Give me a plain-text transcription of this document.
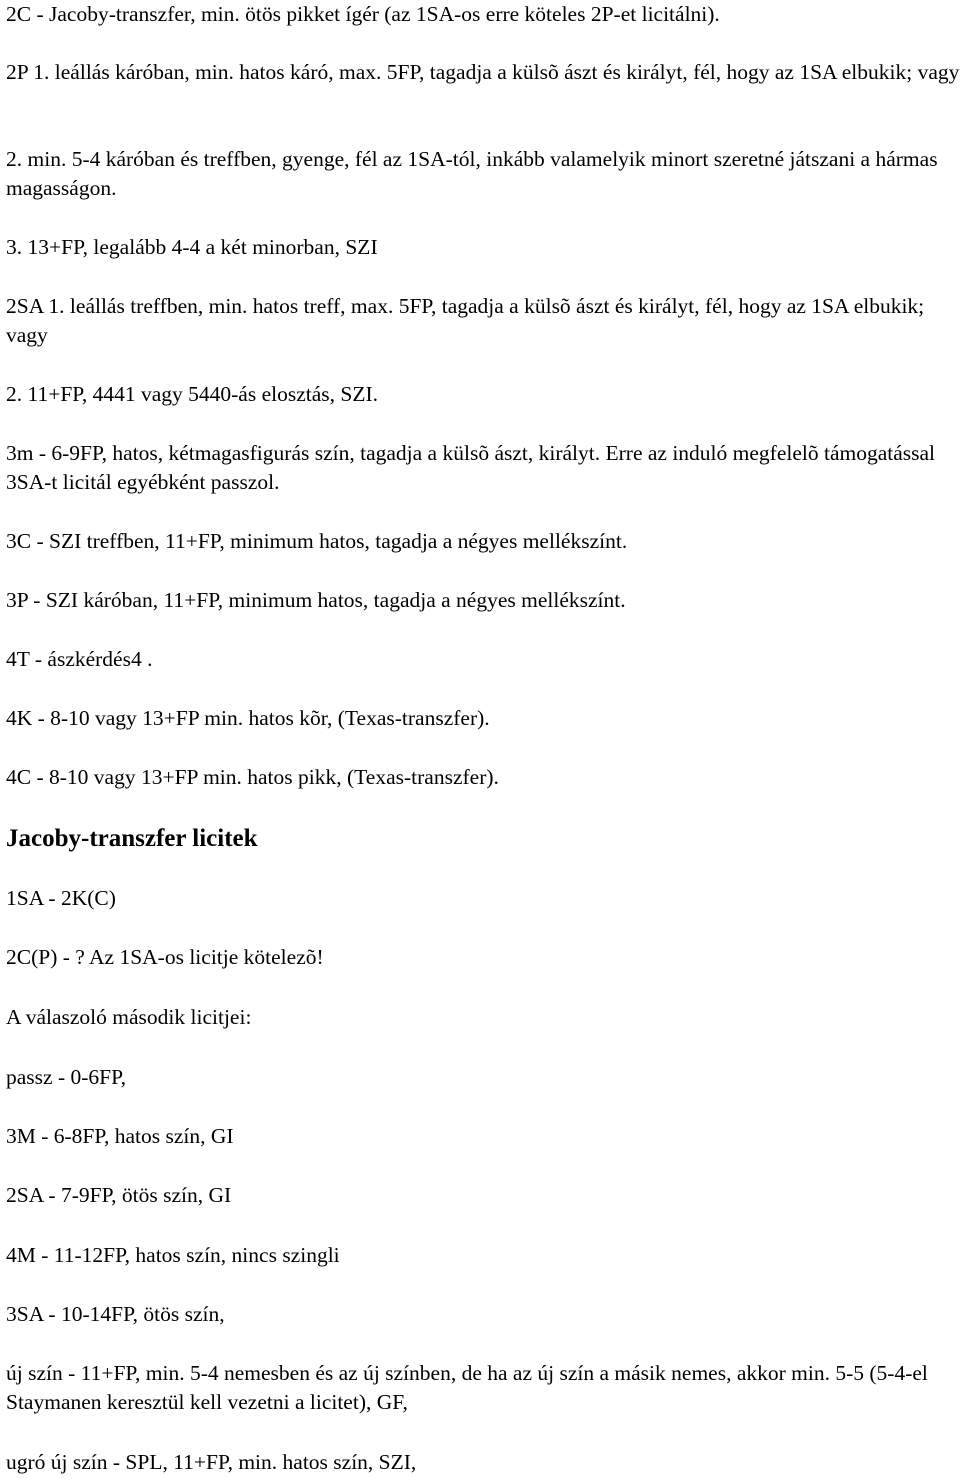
2C - Jacoby-transzfer, min. ötös pikket ígér (az 1SA-os erre köteles 2P-et licitálni).

2P 1. leállás káróban, min. hatos káró, max. 5FP, tagadja a külsõ ászt és királyt, fél, hogy az 1SA elbukik; vagy

2. min. 5-4 káróban és treffben, gyenge, fél az 1SA-tól, inkább valamelyik minort szeretné játszani a hármas magasságon.

3. 13+FP, legalább 4-4 a két minorban, SZI

2SA 1. leállás treffben, min. hatos treff, max. 5FP, tagadja a külsõ ászt és királyt, fél, hogy az 1SA elbukik; vagy

2. 11+FP, 4441 vagy 5440-ás elosztás, SZI.

3m - 6-9FP, hatos, kétmagasfigurás szín, tagadja a külsõ ászt, királyt. Erre az induló megfelelõ támogatással 3SA-t licitál egyébként passzol.

3C - SZI treffben, 11+FP, minimum hatos, tagadja a négyes mellékszínt.

3P - SZI káróban, 11+FP, minimum hatos, tagadja a négyes mellékszínt.

4T - ászkérdés4 .

4K - 8-10 vagy 13+FP min. hatos kõr, (Texas-transzfer).

4C - 8-10 vagy 13+FP min. hatos pikk, (Texas-transzfer).

Jacoby-transzfer licitek

1SA - 2K(C)

2C(P) - ? Az 1SA-os licitje kötelezõ!

A válaszoló második licitjei:

passz - 0-6FP,

3M - 6-8FP, hatos szín, GI

2SA - 7-9FP, ötös szín, GI

4M - 11-12FP, hatos szín, nincs szingli

3SA - 10-14FP, ötös szín,

új szín - 11+FP, min. 5-4 nemesben és az új színben, de ha az új szín a másik nemes, akkor min. 5-5 (5-4-el Staymanen keresztül kell vezetni a licitet), GF,

ugró új szín - SPL, 11+FP, min. hatos szín, SZI,
